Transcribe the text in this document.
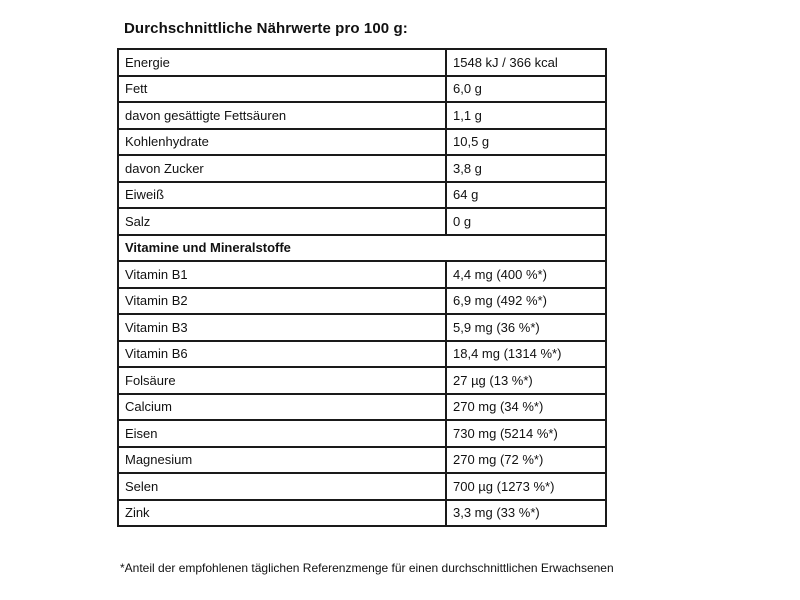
Durchschnittliche Nährwerte pro 100 g:
Energie	1548 kJ / 366 kcal
Fett	6,0 g
davon gesättigte Fettsäuren	1,1 g
Kohlenhydrate	10,5 g
davon Zucker	3,8 g
Eiweiß	64 g
Salz	0 g
Vitamine und Mineralstoffe	
Vitamin B1	4,4 mg (400 %*)
Vitamin B2	6,9 mg (492 %*)
Vitamin B3	5,9 mg (36 %*)
Vitamin B6	18,4 mg (1314 %*)
Folsäure	27 µg (13 %*)
Calcium	270 mg (34 %*)
Eisen	730 mg (5214 %*)
Magnesium	270 mg (72 %*)
Selen	700 µg (1273 %*)
Zink	3,3 mg (33 %*)
*Anteil der empfohlenen täglichen Referenzmenge für einen durchschnittlichen Erwachsenen
